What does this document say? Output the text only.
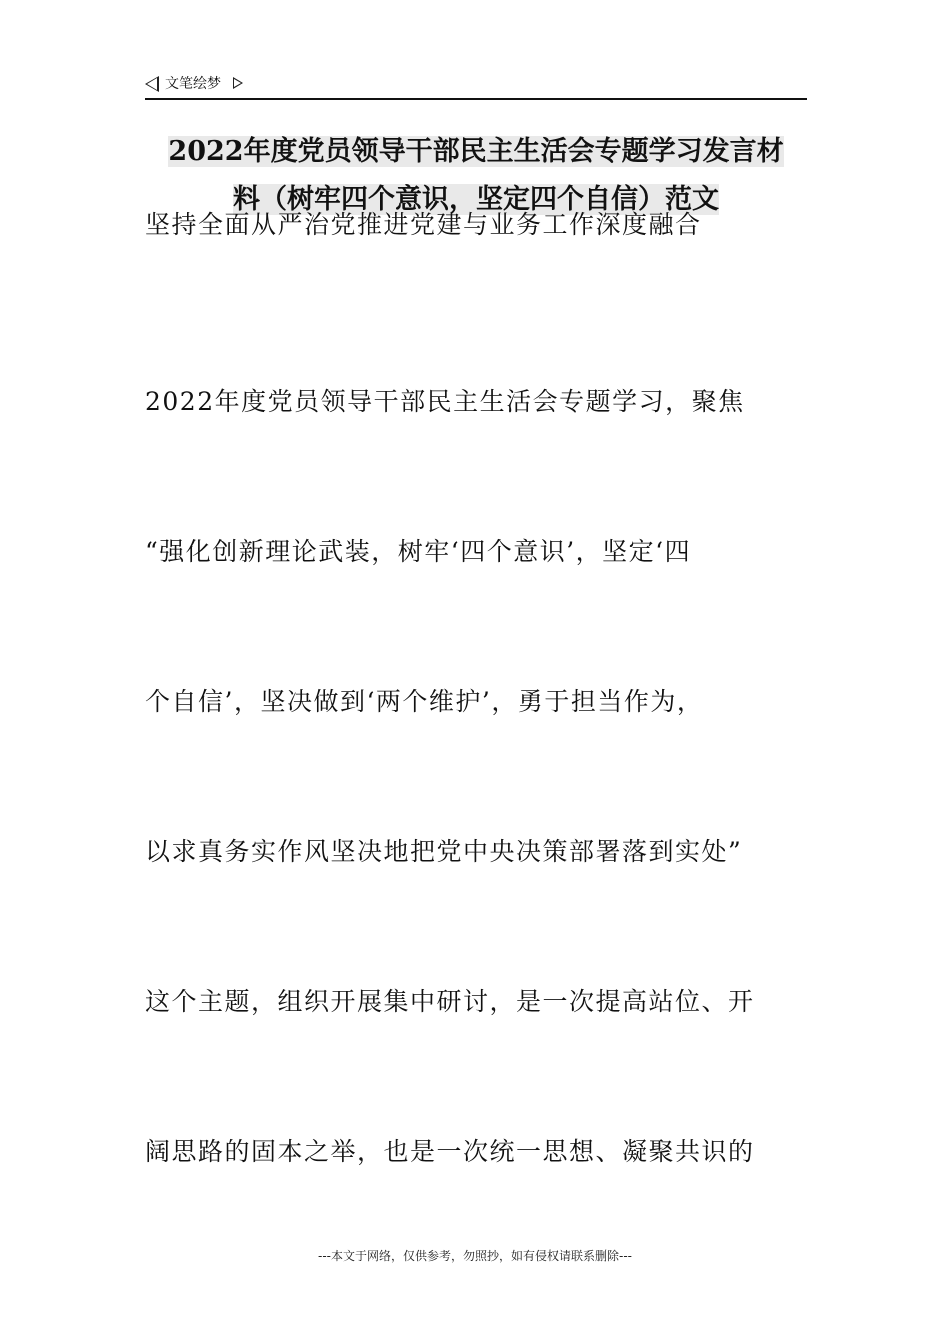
文笔绘梦
2022年度党员领导干部民主生活会专题学习发言材
料（树牢四个意识，坚定四个自信）范文
坚持全面从严治党推进党建与业务工作深度融合
2022年度党员领导干部民主生活会专题学习，聚焦
“强化创新理论武装，树牢‘四个意识’，坚定‘四
个自信’，坚决做到‘两个维护’，勇于担当作为，
以求真务实作风坚决地把党中央决策部署落到实处”
这个主题，组织开展集中研讨，是一次提高站位、开
阔思路的固本之举，也是一次统一思想、凝聚共识的
---本文于网络，仅供参考，勿照抄，如有侵权请联系删除---
